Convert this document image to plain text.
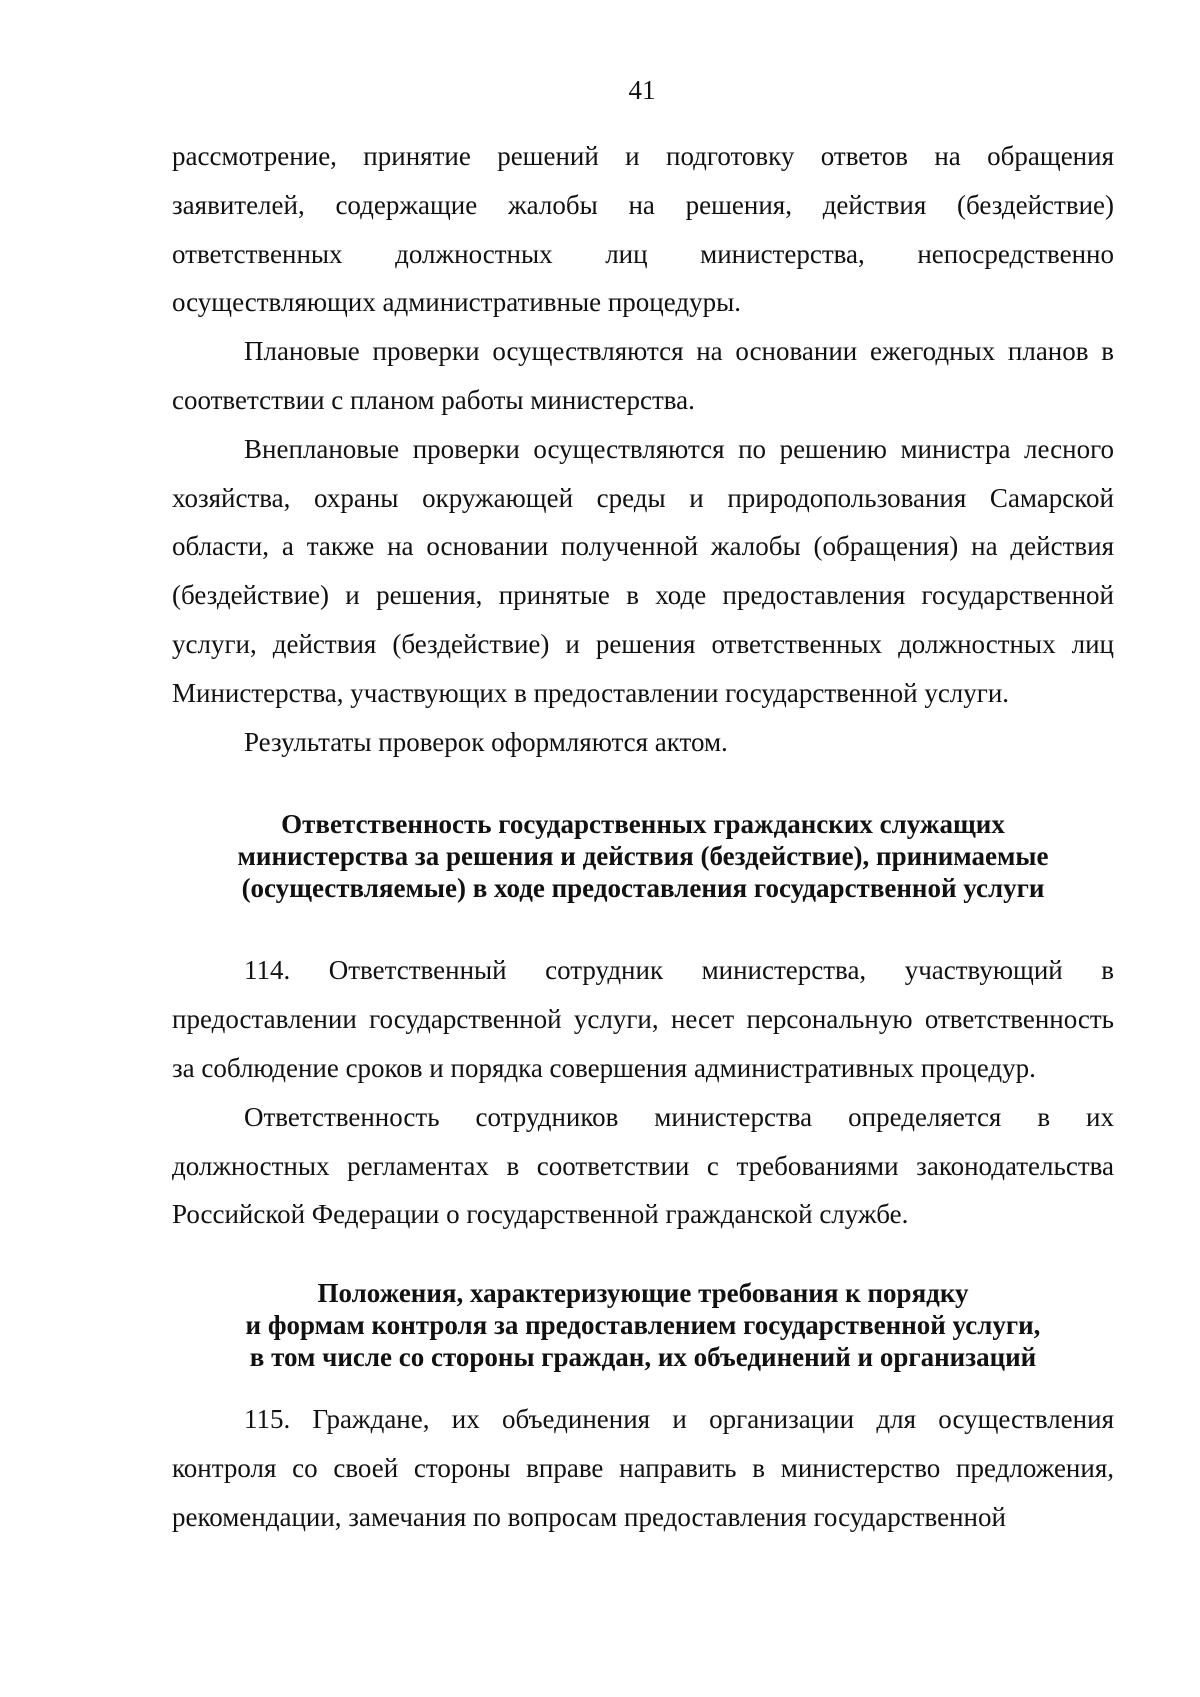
41

рассмотрение, принятие решений и подготовку ответов на обращения заявителей, содержащие жалобы на решения, действия (бездействие) ответственных должностных лиц министерства, непосредственно осуществляющих административные процедуры.

Плановые проверки осуществляются на основании ежегодных планов в соответствии с планом работы министерства.

Внеплановые проверки осуществляются по решению министра лесного хозяйства, охраны окружающей среды и природопользования Самарской области, а также на основании полученной жалобы (обращения) на действия (бездействие) и решения, принятые в ходе предоставления государственной услуги, действия (бездействие) и решения ответственных должностных лиц Министерства, участвующих в предоставлении государственной услуги.

Результаты проверок оформляются актом.

Ответственность государственных гражданских служащих
министерства за решения и действия (бездействие), принимаемые
(осуществляемые) в ходе предоставления государственной услуги

114. Ответственный сотрудник министерства, участвующий в предоставлении государственной услуги, несет персональную ответственность за соблюдение сроков и порядка совершения административных процедур.

Ответственность сотрудников министерства определяется в их должностных регламентах в соответствии с требованиями законодательства Российской Федерации о государственной гражданской службе.

Положения, характеризующие требования к порядку
и формам контроля за предоставлением государственной услуги,
в том числе со стороны граждан, их объединений и организаций

115. Граждане, их объединения и организации для осуществления контроля со своей стороны вправе направить в министерство предложения, рекомендации, замечания по вопросам предоставления государственной
